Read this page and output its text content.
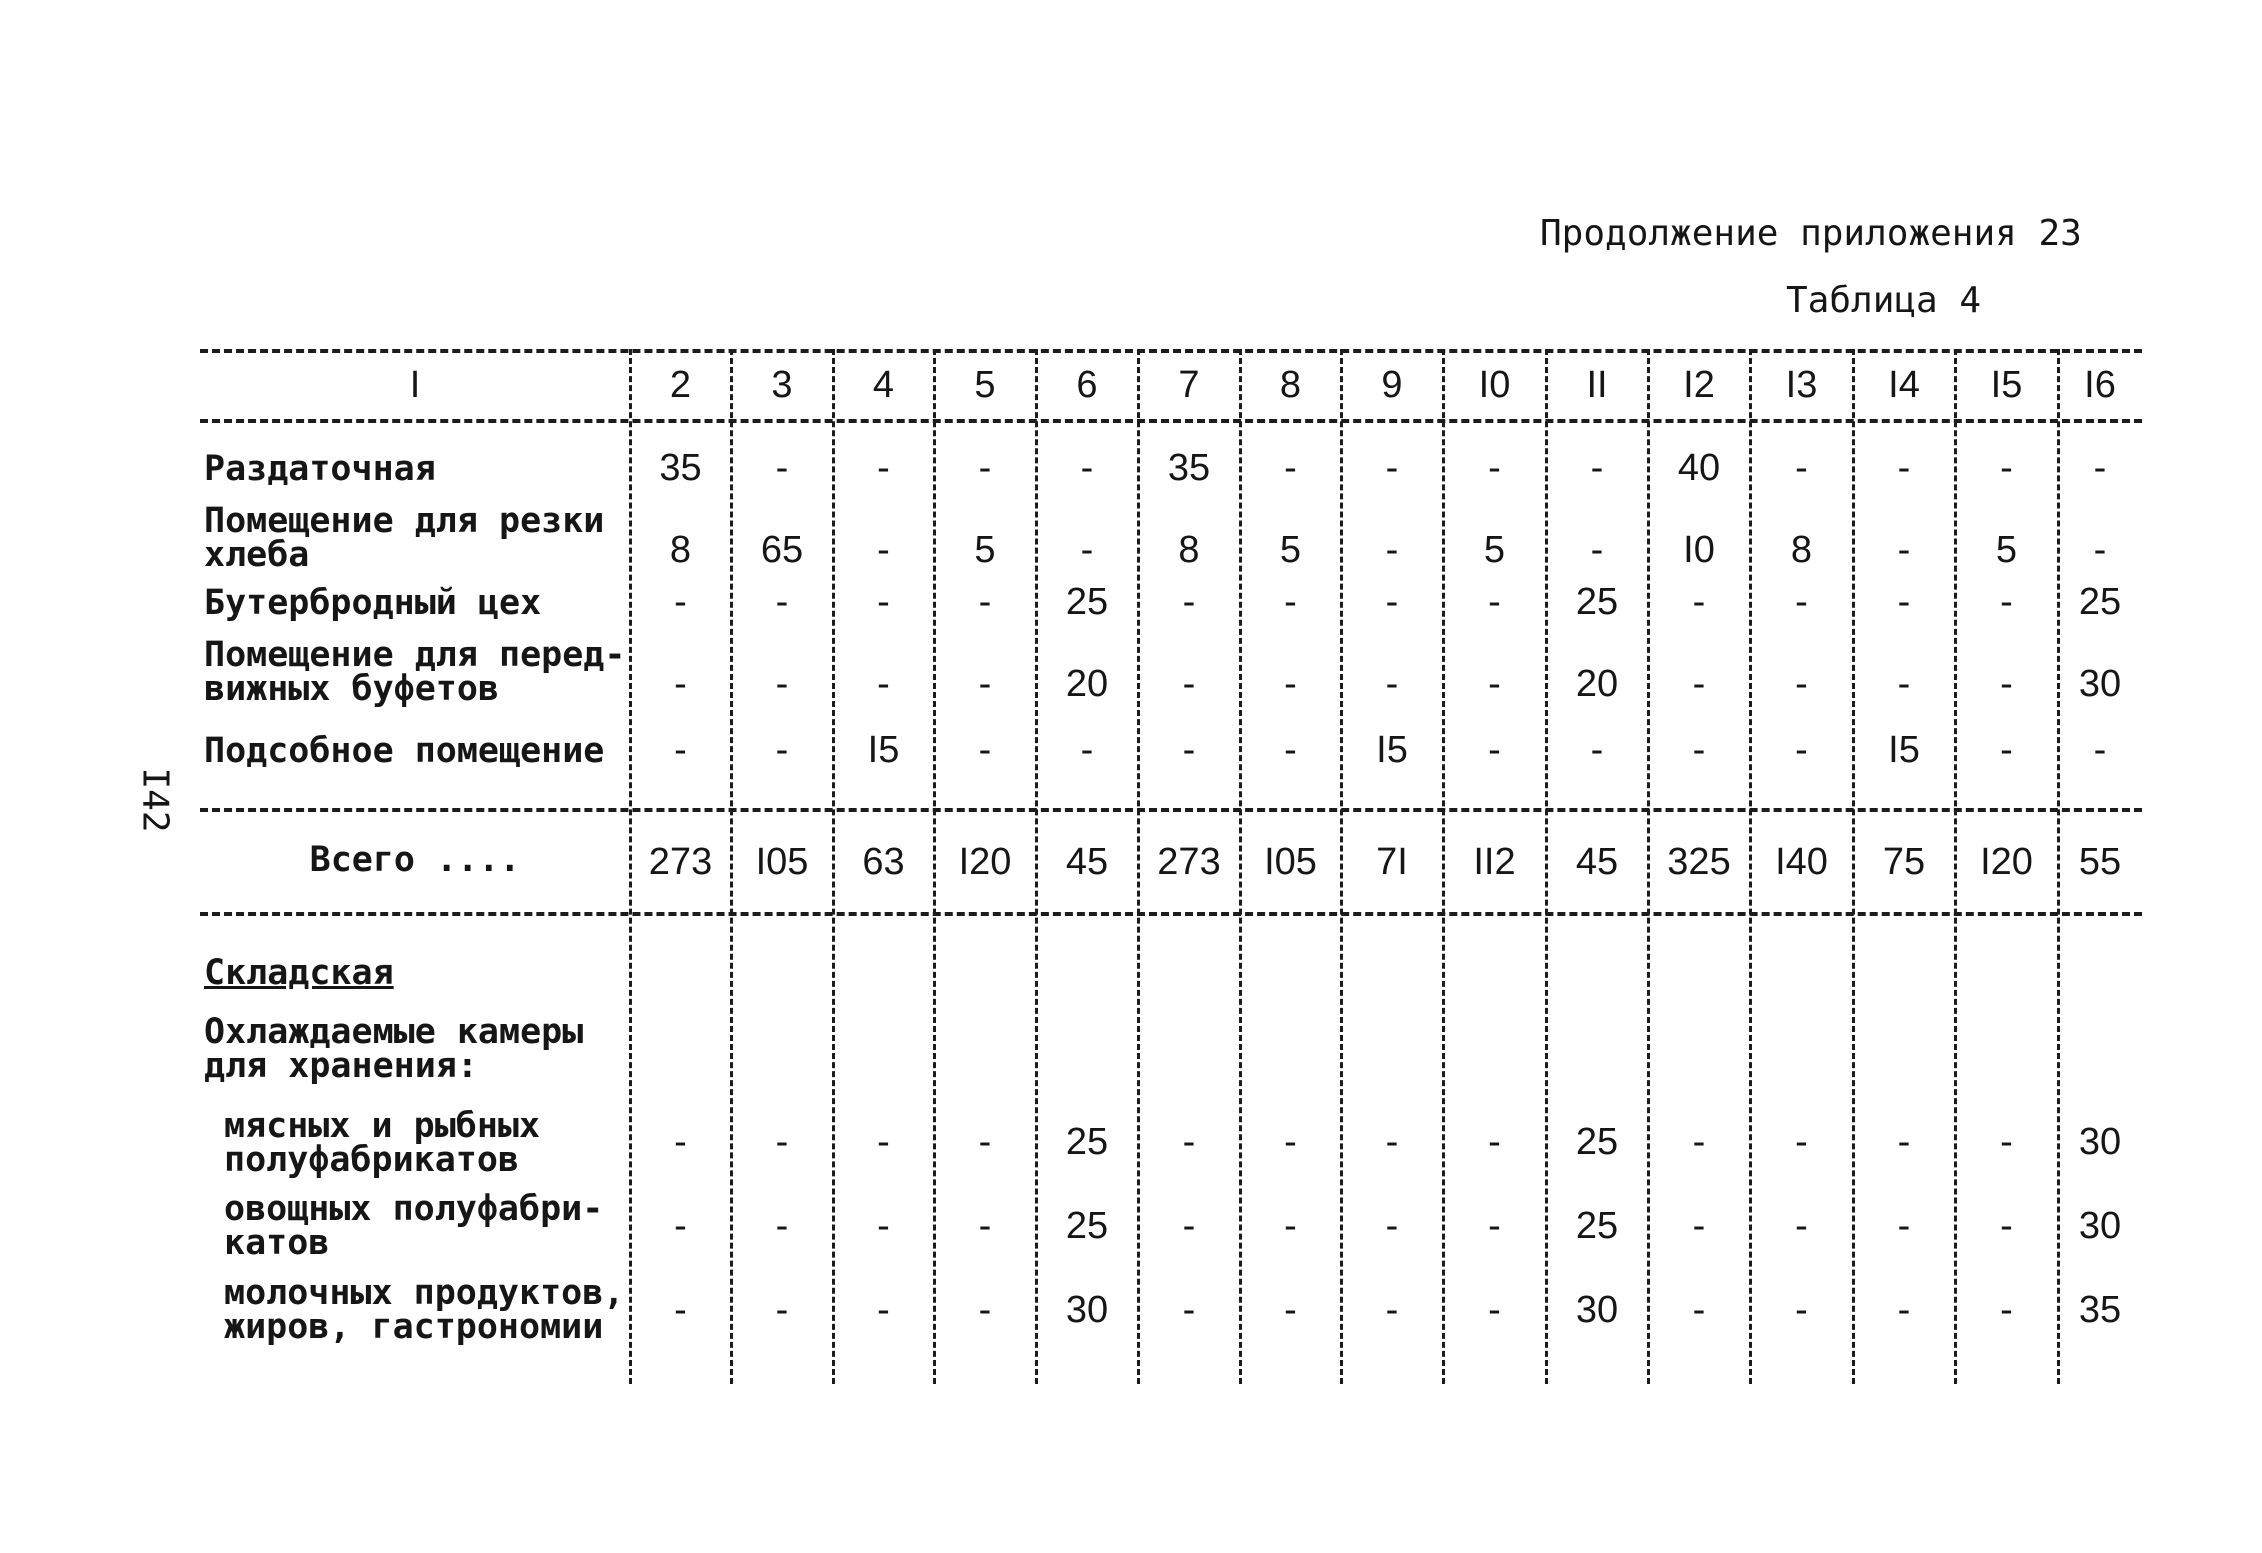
Продолжение приложения 23
Таблица 4
I42
Складская
Охлаждаемые камеры
для хранения:
I	2	3	4	5	6	7	8	9	I0	II	I2	I3	I4	I5	I6
Раздаточная	35	-	-	-	-	35	-	-	-	-	40	-	-	-	-
Помещение для резки
хлеба	8	65	-	5	-	8	5	-	5	-	I0	8	-	5	-
Бутербродный цех	-	-	-	-	25	-	-	-	-	25	-	-	-	-	25
Помещение для перед-
вижных буфетов	-	-	-	-	20	-	-	-	-	20	-	-	-	-	30
Подсобное помещение	-	-	I5	-	-	-	-	I5	-	-	-	-	I5	-	-
Всего ....	273	I05	63	I20	45	273	I05	7I	II2	45	325	I40	75	I20	55
мясных и рыбных
полуфабрикатов	-	-	-	-	25	-	-	-	-	25	-	-	-	-	30
овощных полуфабри-
катов	-	-	-	-	25	-	-	-	-	25	-	-	-	-	30
молочных продуктов,
жиров, гастрономии	-	-	-	-	30	-	-	-	-	30	-	-	-	-	35
